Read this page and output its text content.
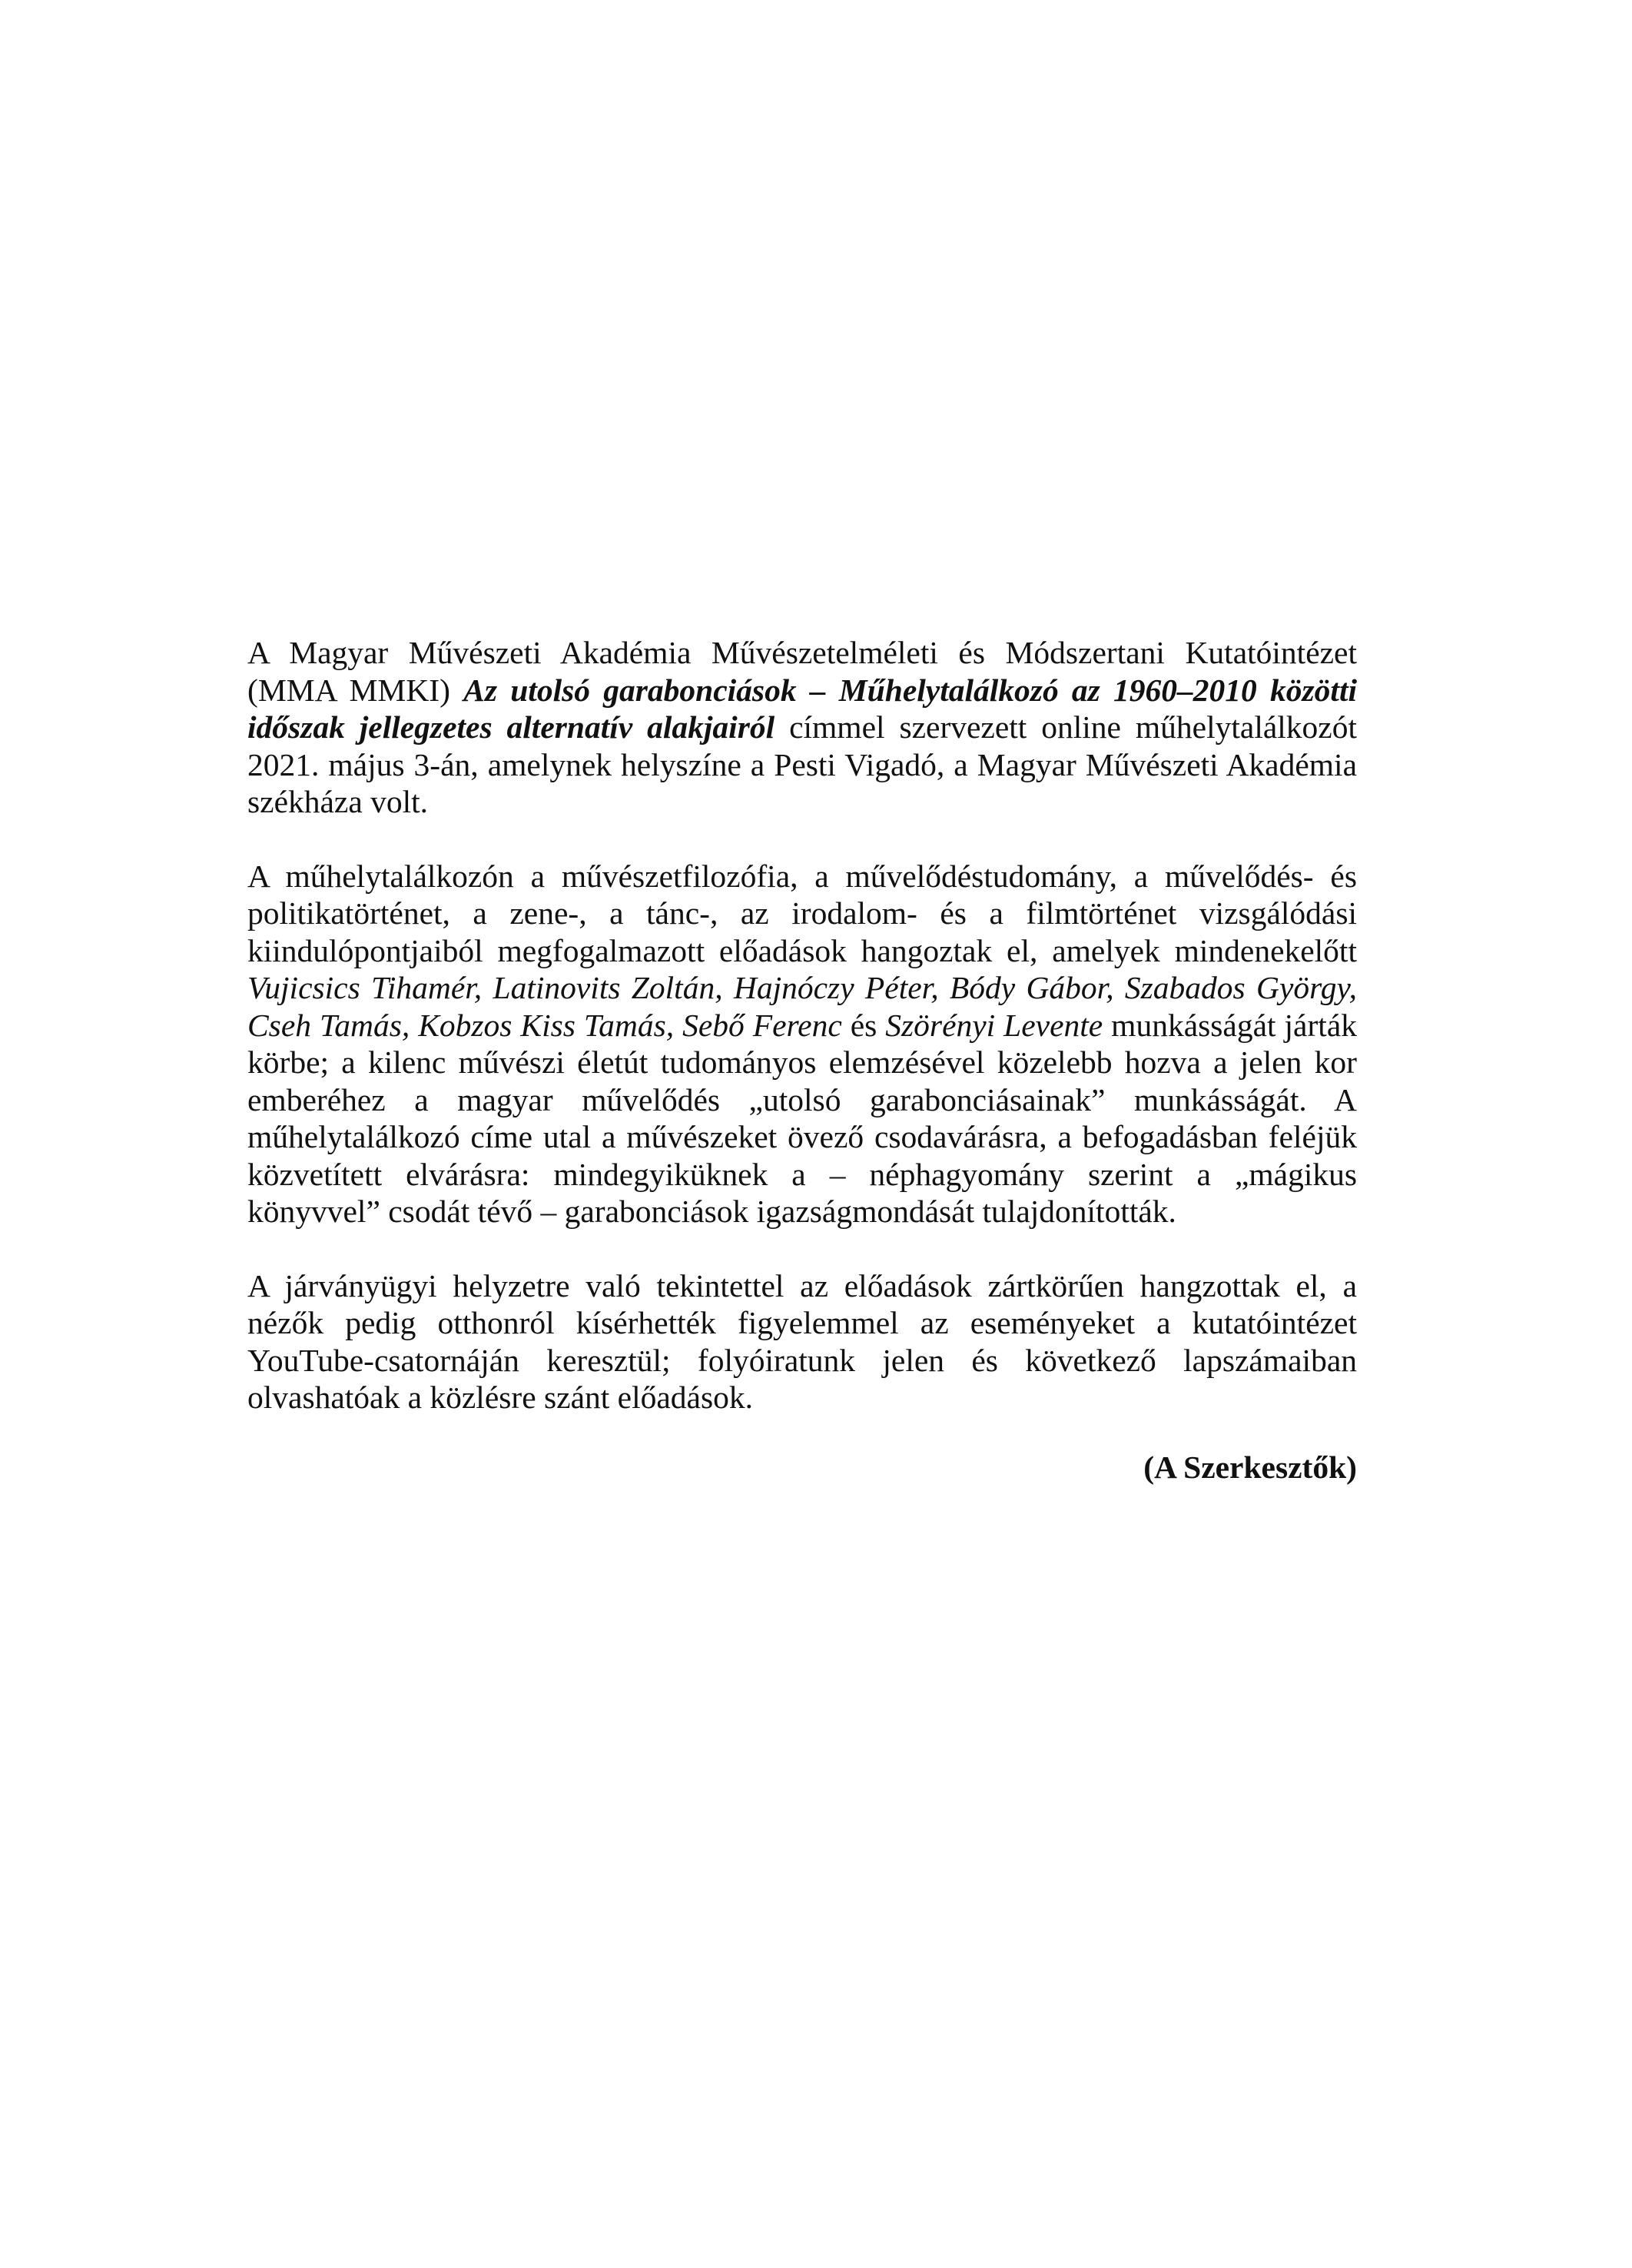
A Magyar Művészeti Akadémia Művészetelméleti és Módszertani Kutatóintézet (MMA MMKI) Az utolsó garabonciások – Műhelytalálkozó az 1960–2010 közötti időszak jellegzetes alternatív alakjairól címmel szervezett online műhelytalálkozót 2021. május 3-án, amelynek helyszíne a Pesti Vigadó, a Magyar Művészeti Akadémia székháza volt.

A műhelytalálkozón a művészetfilozófia, a művelődéstudomány, a művelődés- és politikatörténet, a zene-, a tánc-, az irodalom- és a filmtörténet vizsgálódási kiindulópontjaiból megfogalmazott előadások hangoztak el, amelyek mindenekelőtt Vujicsics Tihamér, Latinovits Zoltán, Hajnóczy Péter, Bódy Gábor, Szabados György, Cseh Tamás, Kobzos Kiss Tamás, Sebő Ferenc és Szörényi Levente munkásságát járták körbe; a kilenc művészi életút tudományos elemzésével közelebb hozva a jelen kor emberéhez a magyar művelődés „utolsó garabonciásainak” munkásságát. A műhelytalálkozó címe utal a művészeket övező csodavárásra, a befogadásban feléjük közvetített elvárásra: mindegyiküknek a – néphagyomány szerint a „mágikus könyvvel” csodát tévő – garabonciások igazságmondását tulajdonították.

A járványügyi helyzetre való tekintettel az előadások zártkörűen hangzottak el, a nézők pedig otthonról kísérhették figyelemmel az eseményeket a kutatóintézet YouTube-csatornáján keresztül; folyóiratunk jelen és következő lapszámaiban olvashatóak a közlésre szánt előadások.

(A Szerkesztők)
